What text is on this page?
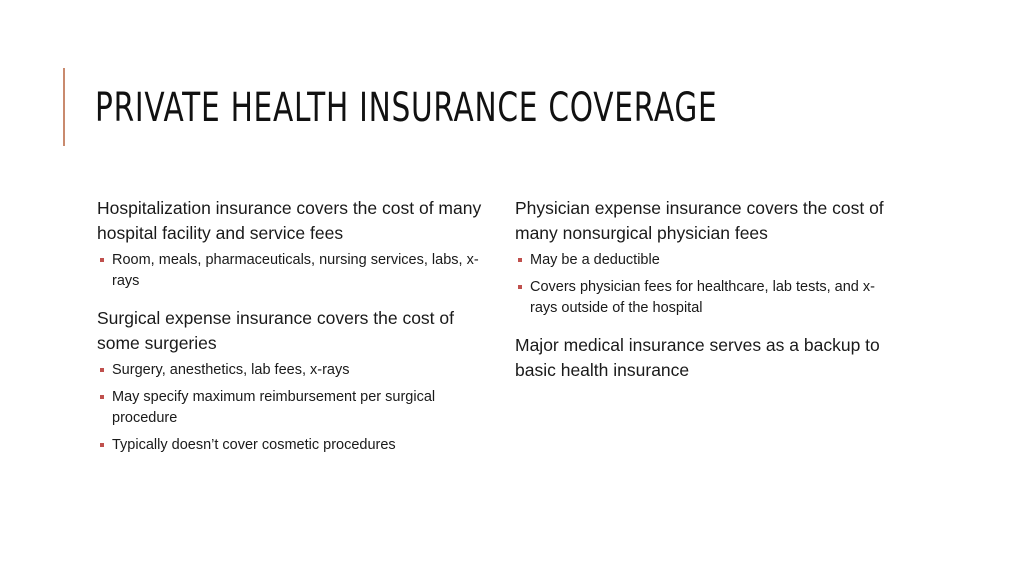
PRIVATE HEALTH INSURANCE COVERAGE

Hospitalization insurance covers the cost of many hospital facility and service fees

Room, meals, pharmaceuticals, nursing services, labs, x-rays

Surgical expense insurance covers the cost of some surgeries

Surgery, anesthetics, lab fees, x-rays
May specify maximum reimbursement per surgical procedure
Typically doesn’t cover cosmetic procedures

Physician expense insurance covers the cost of many nonsurgical physician fees

May be a deductible
Covers physician fees for healthcare, lab tests, and x-rays outside of the hospital

Major medical insurance serves as a backup to basic health insurance
